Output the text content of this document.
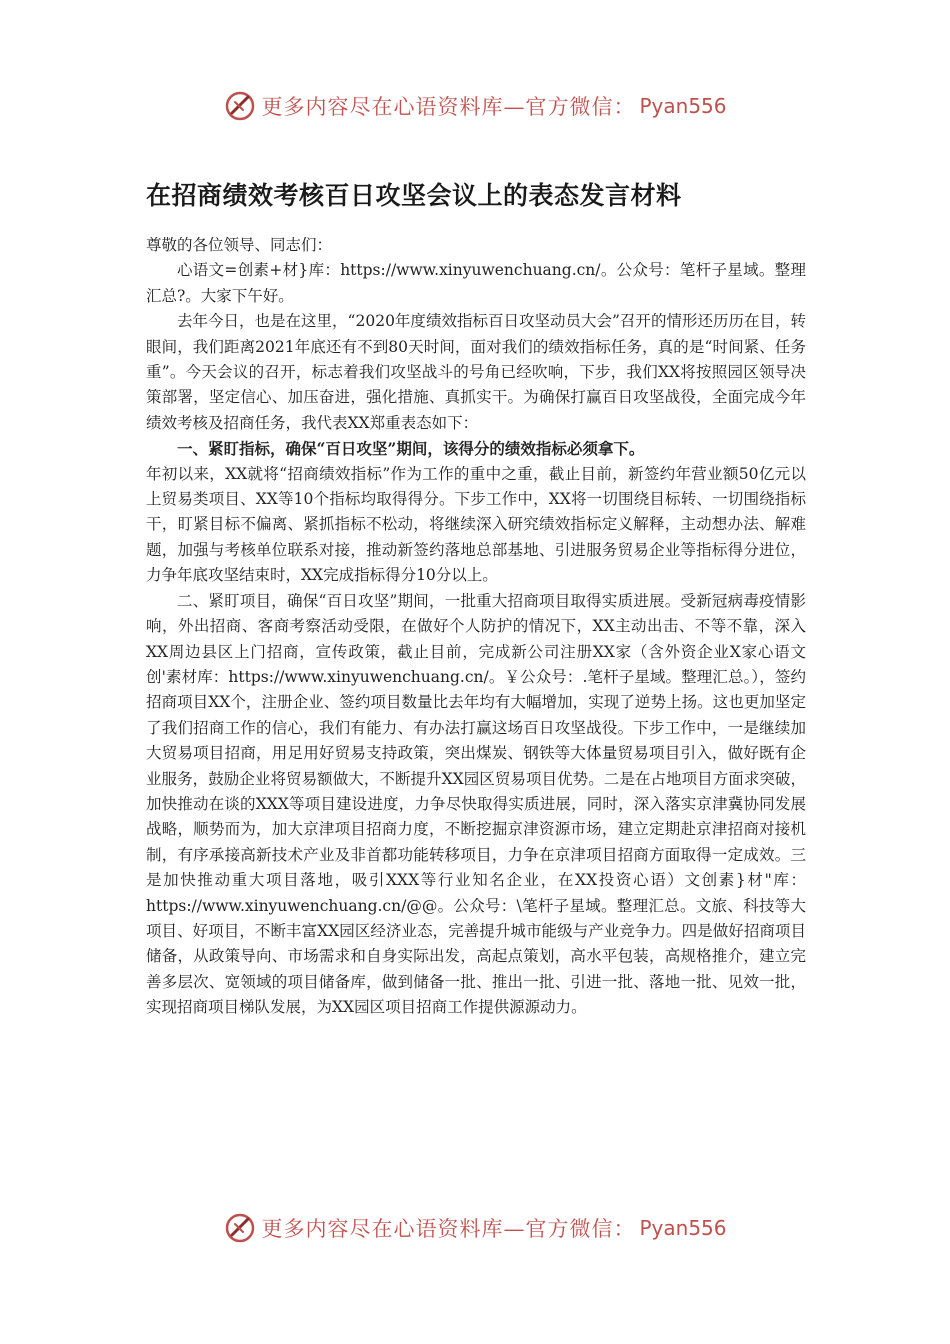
更多内容尽在心语资料库—官方微信： Pyan556
在招商绩效考核百日攻坚会议上的表态发言材料

尊敬的各位领导、同志们：

心语文=创素+材}库：https://www.xinyuwenchuang.cn/。公众号：笔杆子星域。整理汇总?。大家下午好。

去年今日，也是在这里，“2020年度绩效指标百日攻坚动员大会”召开的情形还历历在目，转眼间，我们距离2021年底还有不到80天时间，面对我们的绩效指标任务，真的是“时间紧、任务重”。今天会议的召开，标志着我们攻坚战斗的号角已经吹响，下步，我们XX将按照园区领导决策部署，坚定信心、加压奋进，强化措施、真抓实干。为确保打赢百日攻坚战役，全面完成今年绩效考核及招商任务，我代表XX郑重表态如下：

一、紧盯指标，确保“百日攻坚”期间，该得分的绩效指标必须拿下。

年初以来，XX就将“招商绩效指标”作为工作的重中之重，截止目前，新签约年营业额50亿元以上贸易类项目、XX等10个指标均取得得分。下步工作中，XX将一切围绕目标转、一切围绕指标干，盯紧目标不偏离、紧抓指标不松动，将继续深入研究绩效指标定义解释，主动想办法、解难题，加强与考核单位联系对接，推动新签约落地总部基地、引进服务贸易企业等指标得分进位，力争年底攻坚结束时，XX完成指标得分10分以上。

二、紧盯项目，确保“百日攻坚”期间，一批重大招商项目取得实质进展。受新冠病毒疫情影响，外出招商、客商考察活动受限，在做好个人防护的情况下，XX主动出击、不等不靠，深入XX周边县区上门招商，宣传政策，截止目前，完成新公司注册XX家（含外资企业X家心语文创'素材库：https://www.xinyuwenchuang.cn/。￥公众号：.笔杆子星域。整理汇总。），签约招商项目XX个，注册企业、签约项目数量比去年均有大幅增加，实现了逆势上扬。这也更加坚定了我们招商工作的信心，我们有能力、有办法打赢这场百日攻坚战役。下步工作中，一是继续加大贸易项目招商，用足用好贸易支持政策，突出煤炭、钢铁等大体量贸易项目引入，做好既有企业服务，鼓励企业将贸易额做大，不断提升XX园区贸易项目优势。二是在占地项目方面求突破，加快推动在谈的XXX等项目建设进度，力争尽快取得实质进展，同时，深入落实京津冀协同发展战略，顺势而为，加大京津项目招商力度，不断挖掘京津资源市场，建立定期赴京津招商对接机制，有序承接高新技术产业及非首都功能转移项目，力争在京津项目招商方面取得一定成效。三是加快推动重大项目落地，吸引XXX等行业知名企业，在XX投资心语）文创素}材"库：https://www.xinyuwenchuang.cn/@@。公众号：\笔杆子星域。整理汇总。文旅、科技等大项目、好项目，不断丰富XX园区经济业态，完善提升城市能级与产业竞争力。四是做好招商项目储备，从政策导向、市场需求和自身实际出发，高起点策划，高水平包装，高规格推介，建立完善多层次、宽领域的项目储备库，做到储备一批、推出一批、引进一批、落地一批、见效一批，实现招商项目梯队发展，为XX园区项目招商工作提供源源动力。

更多内容尽在心语资料库—官方微信： Pyan556
